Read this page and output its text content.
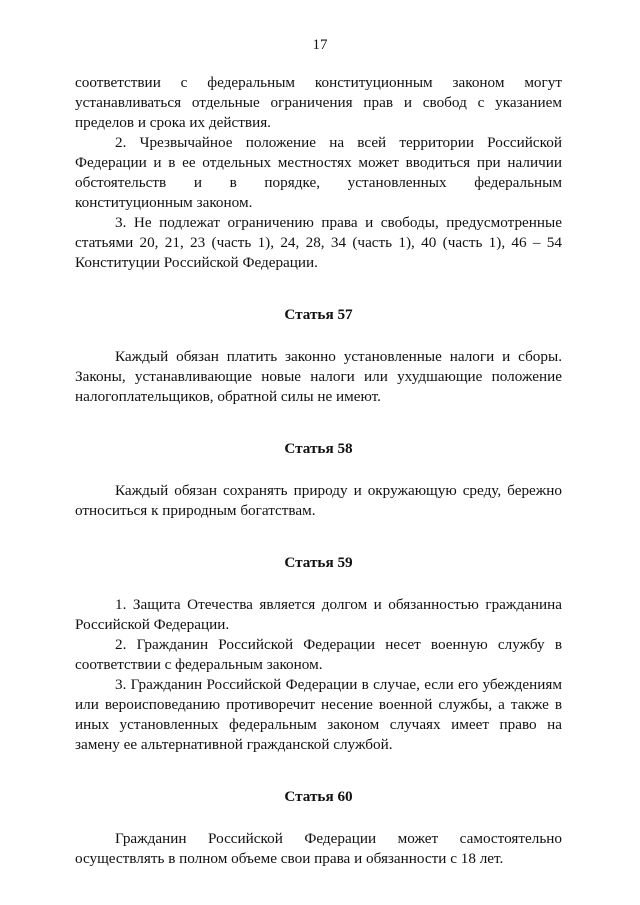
17

соответствии с федеральным конституционным законом могут устанавливаться отдельные ограничения прав и свобод с указанием пределов и срока их действия.

2. Чрезвычайное положение на всей территории Российской Федерации и в ее отдельных местностях может вводиться при наличии обстоятельств и в порядке, установленных федеральным конституционным законом.

3. Не подлежат ограничению права и свободы, предусмотренные статьями 20, 21, 23 (часть 1), 24, 28, 34 (часть 1), 40 (часть 1), 46 – 54 Конституции Российской Федерации.

Статья 57

Каждый обязан платить законно установленные налоги и сборы. Законы, устанавливающие новые налоги или ухудшающие положение налогоплательщиков, обратной силы не имеют.

Статья 58

Каждый обязан сохранять природу и окружающую среду, бережно относиться к природным богатствам.

Статья 59

1. Защита Отечества является долгом и обязанностью гражданина Российской Федерации.

2. Гражданин Российской Федерации несет военную службу в соответствии с федеральным законом.

3. Гражданин Российской Федерации в случае, если его убеждениям или вероисповеданию противоречит несение военной службы, а также в иных установленных федеральным законом случаях имеет право на замену ее альтернативной гражданской службой.

Статья 60

Гражданин Российской Федерации может самостоятельно осуществлять в полном объеме свои права и обязанности с 18 лет.
